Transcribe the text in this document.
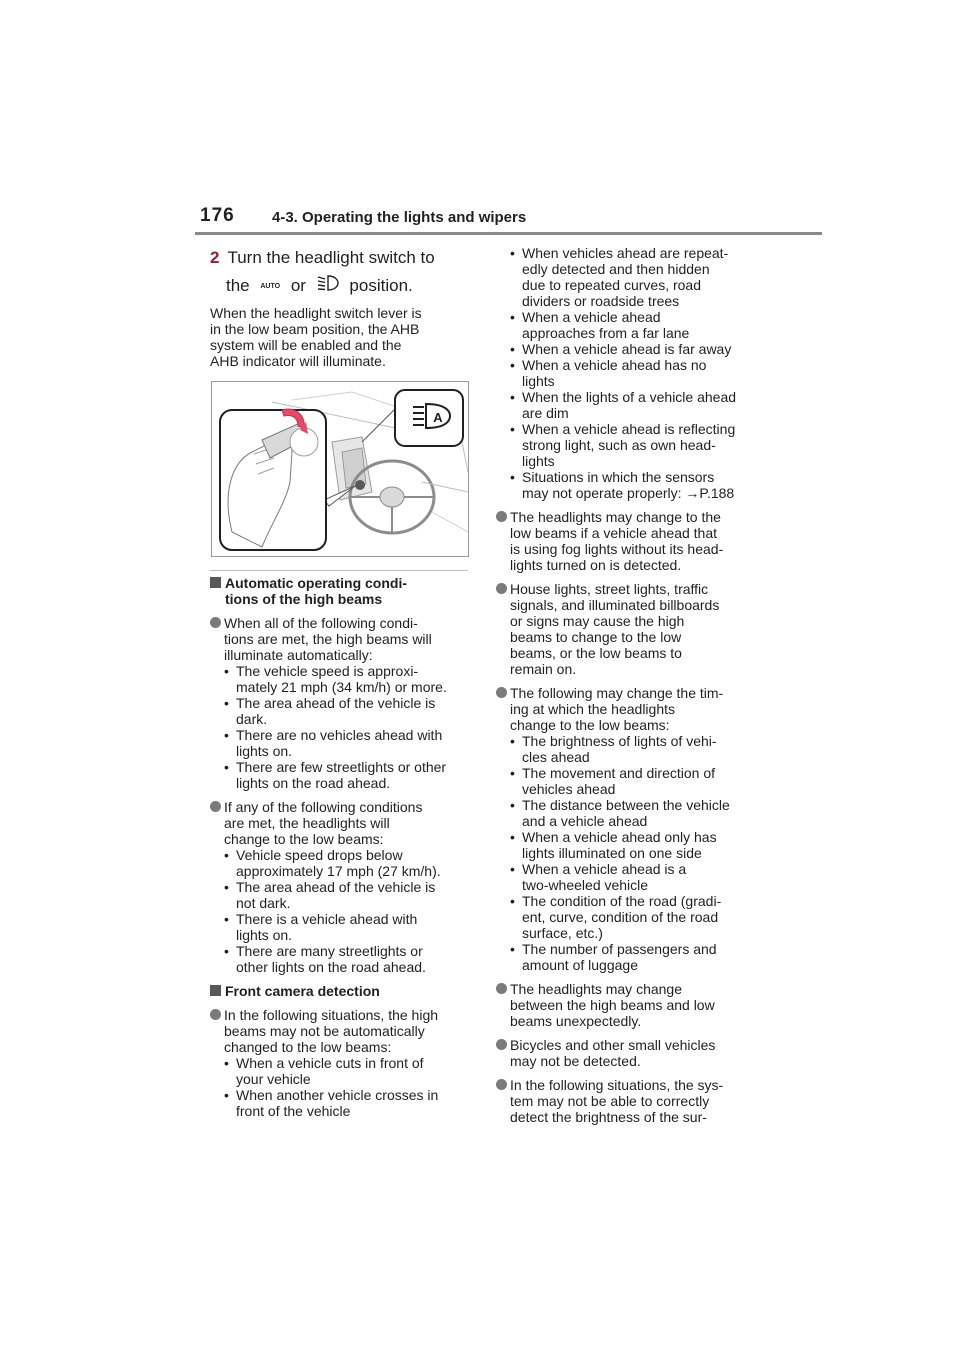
176 4-3. Operating the lights and wipers
2 Turn the headlight switch to
the AUTO or	position.

When the headlight switch lever is

in the low beam position, the AHB

system will be enabled and the

AHB indicator will illuminate.

A
Automatic operating condi-
tions of the high beams
When all of the following condi-
tions are met, the high beams will
illuminate automatically:
• The vehicle speed is approxi-
mately 21 mph (34 km/h) or more.
• The area ahead of the vehicle is
dark.
• There are no vehicles ahead with
lights on.
• There are few streetlights or other
lights on the road ahead.
If any of the following conditions
are met, the headlights will
change to the low beams:
• Vehicle speed drops below
approximately 17 mph (27 km/h).
• The area ahead of the vehicle is
not dark.
• There is a vehicle ahead with
lights on.
• There are many streetlights or
other lights on the road ahead.
Front camera detection
In the following situations, the high
beams may not be automatically
changed to the low beams:
• When a vehicle cuts in front of
your vehicle
• When another vehicle crosses in
front of the vehicle
• When vehicles ahead are repeat-
edly detected and then hidden
due to repeated curves, road
dividers or roadside trees
• When a vehicle ahead
approaches from a far lane
• When a vehicle ahead is far away
• When a vehicle ahead has no
lights
• When the lights of a vehicle ahead
are dim
• When a vehicle ahead is reflecting
strong light, such as own head-
lights
• Situations in which the sensors
may not operate properly: →P.188
The headlights may change to the
low beams if a vehicle ahead that
is using fog lights without its head-
lights turned on is detected.
House lights, street lights, traffic
signals, and illuminated billboards
or signs may cause the high
beams to change to the low
beams, or the low beams to
remain on.
The following may change the tim-
ing at which the headlights
change to the low beams:
• The brightness of lights of vehi-
cles ahead
• The movement and direction of
vehicles ahead
• The distance between the vehicle
and a vehicle ahead
• When a vehicle ahead only has
lights illuminated on one side
• When a vehicle ahead is a
two-wheeled vehicle
• The condition of the road (gradi-
ent, curve, condition of the road
surface, etc.)
• The number of passengers and
amount of luggage
The headlights may change
between the high beams and low
beams unexpectedly.
Bicycles and other small vehicles
may not be detected.
In the following situations, the sys-
tem may not be able to correctly
detect the brightness of the sur-
